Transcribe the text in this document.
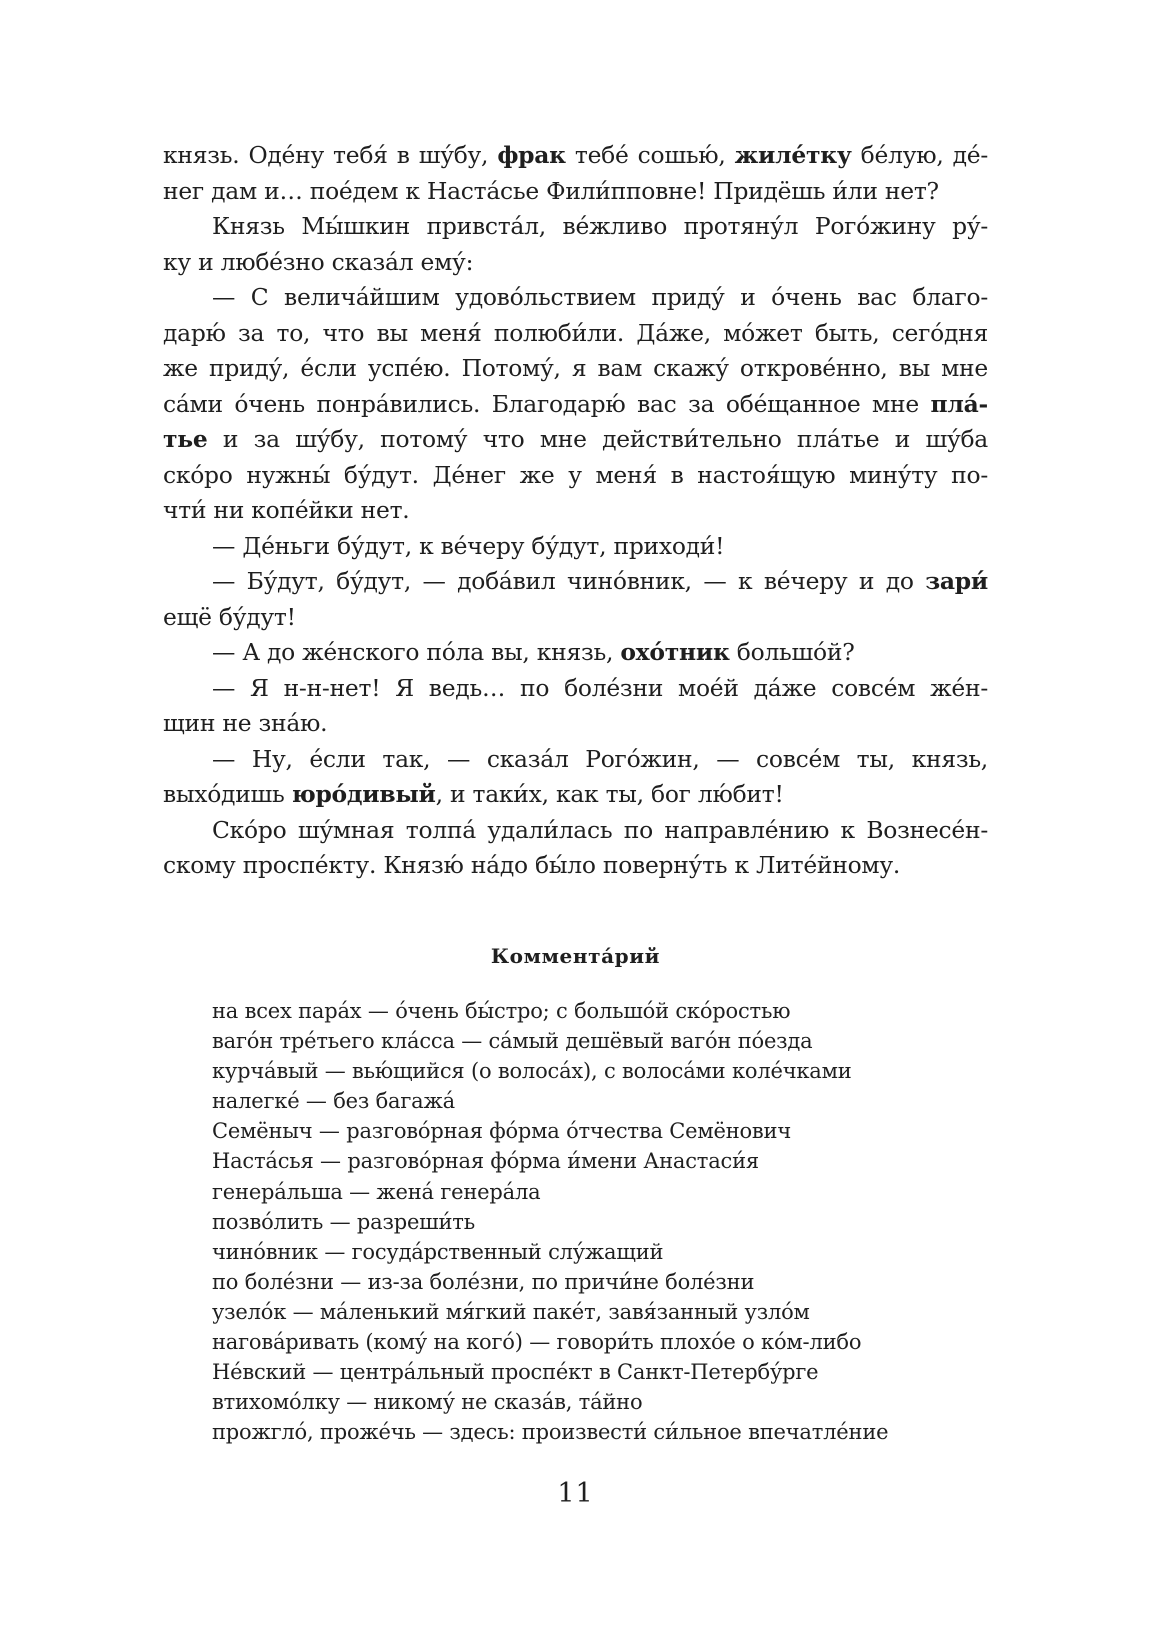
князь. Оде́ну тебя́ в шу́бу, фрак тебе́ сошью́, жиле́тку бе́лую, де́-
нег дам и… пое́дем к Наста́сье Фили́пповне! Придёшь и́ли нет?
Князь Мы́шкин привста́л, ве́жливо протяну́л Рого́жину ру́-
ку и любе́зно сказа́л ему́:
— С велича́йшим удово́льствием приду́ и о́чень вас благо-
дарю́ за то, что вы меня́ полюби́ли. Да́же, мо́жет быть, сего́дня
же приду́, е́сли успе́ю. Потому́, я вам скажу́ открове́нно, вы мне
са́ми о́чень понра́вились. Благодарю́ вас за обе́щанное мне пла́-
тье и за шу́бу, потому́ что мне действи́тельно пла́тье и шу́ба
ско́ро нужны́ бу́дут. Де́нег же у меня́ в настоя́щую мину́ту по-
чти́ ни копе́йки нет.
— Де́ньги бу́дут, к ве́черу бу́дут, приходи́!
— Бу́дут, бу́дут, — доба́вил чино́вник, — к ве́черу и до зари́
ещё бу́дут!
— А до же́нского по́ла вы, князь, охо́тник большо́й?
— Я н-н-нет! Я ведь… по боле́зни мое́й да́же совсе́м же́н-
щин не зна́ю.
— Ну, е́сли так, — сказа́л Рого́жин, — совсе́м ты, князь,
выхо́дишь юро́дивый, и таки́х, как ты, бог лю́бит!
Ско́ро шу́мная толпа́ удали́лась по направле́нию к Вознесе́н-
скому проспе́кту. Князю́ на́до бы́ло поверну́ть к Лите́йному.
Коммента́рий
на всех пара́х — о́чень бы́стро; с большо́й ско́ростью
ваго́н тре́тьего кла́сса — са́мый дешёвый ваго́н по́езда
курча́вый — вью́щийся (о волоса́х), с волоса́ми коле́чками
налегке́ — без багажа́
Семёныч — разгово́рная фо́рма о́тчества Семёнович
Наста́сья — разгово́рная фо́рма и́мени Анастаси́я
генера́льша — жена́ генера́ла
позво́лить — разреши́ть
чино́вник — госуда́рственный слу́жащий
по боле́зни — из-за боле́зни, по причи́не боле́зни
узело́к — ма́ленький мя́гкий паке́т, завя́занный узло́м
нагова́ривать (кому́ на кого́) — говори́ть плохо́е о ко́м-либо
Не́вский — центра́льный проспе́кт в Санкт-Петербу́рге
втихомо́лку — никому́ не сказа́в, та́йно
прожгло́, проже́чь — здесь: произвести́ си́льное впечатле́ние
11
